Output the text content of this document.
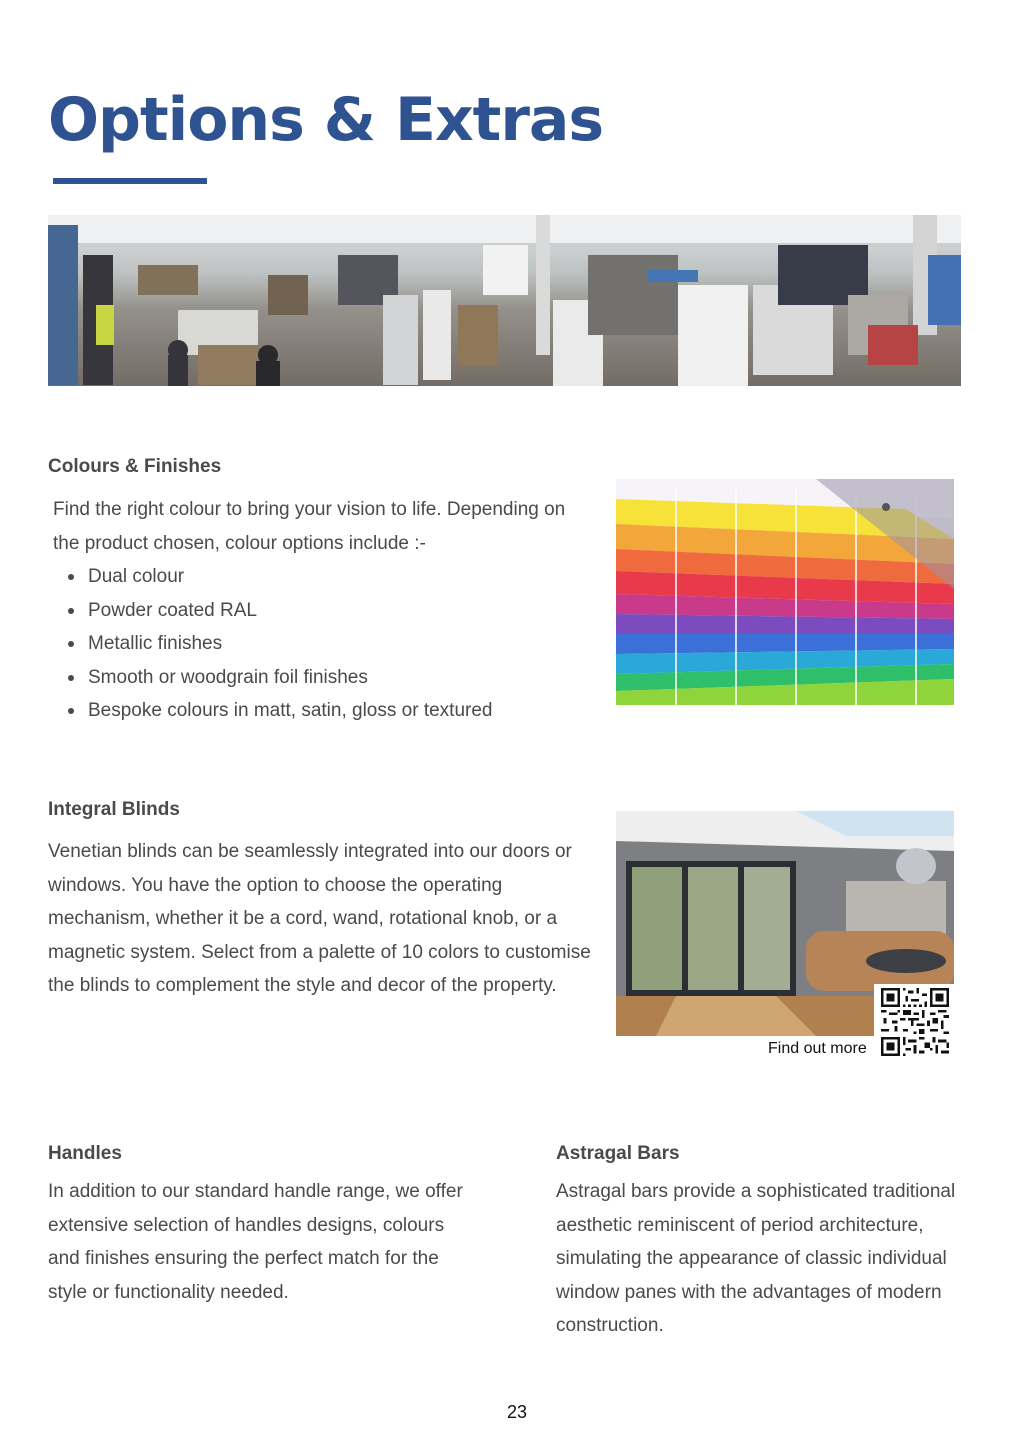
Options & Extras
Colours & Finishes

Find the right colour to bring your vision to life. Depending on the product chosen, colour options include :-

Dual colour
Powder coated RAL
Metallic finishes
Smooth or woodgrain foil finishes
Bespoke colours in matt, satin, gloss or textured
Integral Blinds

Venetian blinds can be seamlessly integrated into our doors or windows. You have the option to choose the operating mechanism, whether it be a cord, wand, rotational knob, or a magnetic system. Select from a palette of 10 colors to customise the blinds to complement the style and decor of the property.

Find out more
Handles

In addition to our standard handle range, we offer extensive selection of handles designs, colours and finishes ensuring the perfect match for the style or functionality needed.

Astragal Bars

Astragal bars provide a sophisticated traditional aesthetic reminiscent of period architecture, simulating the appearance of classic individual window panes with the advantages of modern construction.

23
